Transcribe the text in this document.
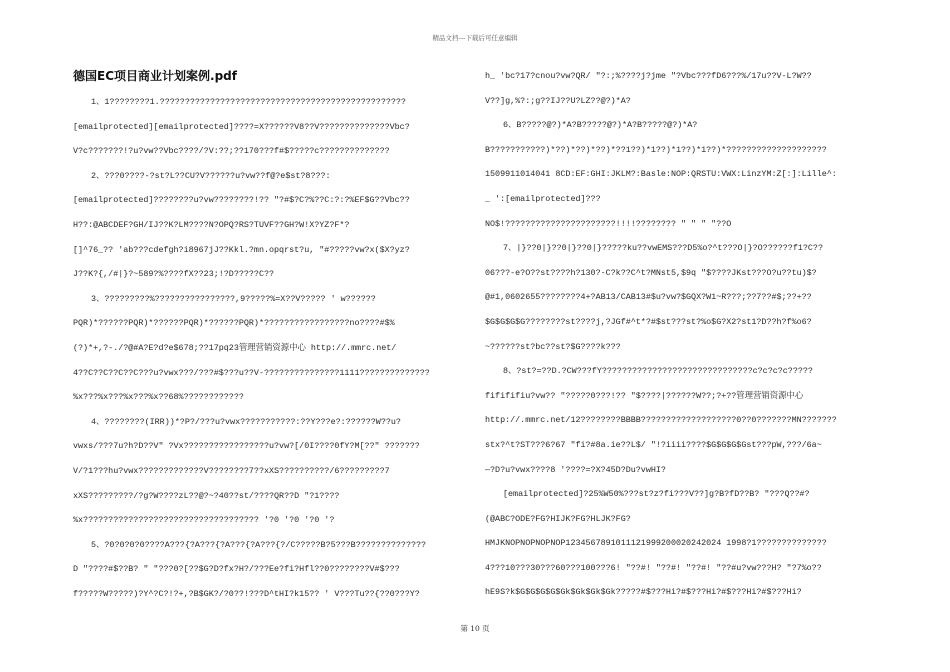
精品文档---下载后可任意编辑
德国EC项目商业计划案例.pdf
1、1????????1.?????????????????????????????????????????????????
[emailprotected][emailprotected]????=X??????V8??V??????????????Vbc?
V?c???????!?u?vw??Vbc????/?V:??;??170???f#$?????c??????????????
2、???0????-?st?L??CU?V??????u?vw??f@?e$st?8???:
[emailprotected]????????u?vw????????!?? "?#$?C?%??C:?:?%EF$G??Vbc??
H??:@ABCDEF?GH/IJ??K?LM????N?OPQ?RS?TUVF??GH?W!X?YZ?F*?
[]^76_?? 'ab???cdefgh?i8967jJ??Kkl.?mn.opqrst?u, "#?????vw?x($X?yz?
J??K?{,/#|}?~589?%????fX??23;!?D?????C??
3、?????????%????????????????,9?????%=X??V????? ' w??????
PQR)*??????PQR)*??????PQR)*??????PQR)*?????????????????no????#$%
(?)*+,?-./?@#A?E?d?e$678;??17pq23管理营销资源中心 http://.mmrc.net/
4??C??C??C??C???u?vwx???/???#$???u??V-???????????????1111??????????????
%x???%x???%x???%x??68%????????????
4、????????(IRR))*?P?/???u?vwx???????????:??Y???e?:??????W??u?
vwxs/???7u?h?D??V" ?Vx?????????????????u?vw?[/0I????0fY?M[??" ???????
V/?1???hu?vwx?????????????V????????7??xXS??????????/6?????????7
xXS?????????/?g?W????zL??@?~?40??st/????QR??D "?1????
%x??????????????????????????????????? '?0 '?0 '?0 '?
5、?0?0?0?0????A???{?A???{?A???{?A???{?/C?????B?5???B??????????????
D "????#$??B? " "???0?[??$G?D?fx?H?/???Ee?fi?Hfl??0????????V#$???
f?????W?????)?Y^?C?!?+,?B$GK?/?0??!???D^tHI?k15?? ' V???Tu??{??0???Y?
h_ 'bc?17?cnou?vw?QR/ "?:;%????j?jme "?Vbc???fD6???%/17u??V-L?W??
V??]g,%?:;g??IJ??U?LZ??@?)*A?
6、B?????@?)*A?B?????@?)*A?B?????@?)*A?
B???????????)*??)*??)*??)*??1??)*1??)*1??)*1??)*????????????????????
1509911014041 8CD:EF:GHI:JKLM?:Basle:NOP:QRSTU:VWX:LinzYM:Z[:]:Lille^:
_ ':[emailprotected]???
NO$!??????????????????????!!!!???????? " " " "??O
7、|}??0|}??0|}??0|}?????ku??vwEMS???D5%o?^t???O|}?O??????f1?C??
06???-e?O??st????h?130?-C?k??C^t?MNst5,$9q "$????JKst???O?u??tu)$?
@#1,0602655????????4+?AB13/CAB13#$u?vw?$GQX?W1~R???;??7??#$;??+??
$G$G$G$G????????st????j,?JGf#^t*?#$st???st?%o$G?X2?st1?D??h?f%o6?
~??????st?bc??st?$G????k???
8、?st?=??D.?CW???fY??????????????????????????????c?c?c?c?????
fifififiu?vw?? "?????0???!?? "$????|??????W??;?+??管理营销资源中心
http://.mmrc.net/12????????BBBB???????????????????0??0???????MN???????
stx?^t?ST???6?67 "fi?#8a.ie??L$/ "!?iiii????$G$G$G$Gst???pW,???/6a~
—?D?u?vwx????8 '????=?X?45D?Du?vwHI?
[emailprotected]?25%W50%???st?z?fi???V??]g?B?fD??B? "???Q??#?
(@ABC?ODE?FG?HIJK?FG?HLJK?FG?
HMJKNOPNOPNOPNOP1234567891011121999200020242024 1998?1??????????????
4???10???30???60???100???6! "??#! "??#! "??#! "??#u?vw???H? "?7%o??
hE9S?k$G$G$G$G$Gk$Gk$Gk$Gk?????#$???Hi?#$???Hi?#$???Hi?#$???Hi?
第 10 页
